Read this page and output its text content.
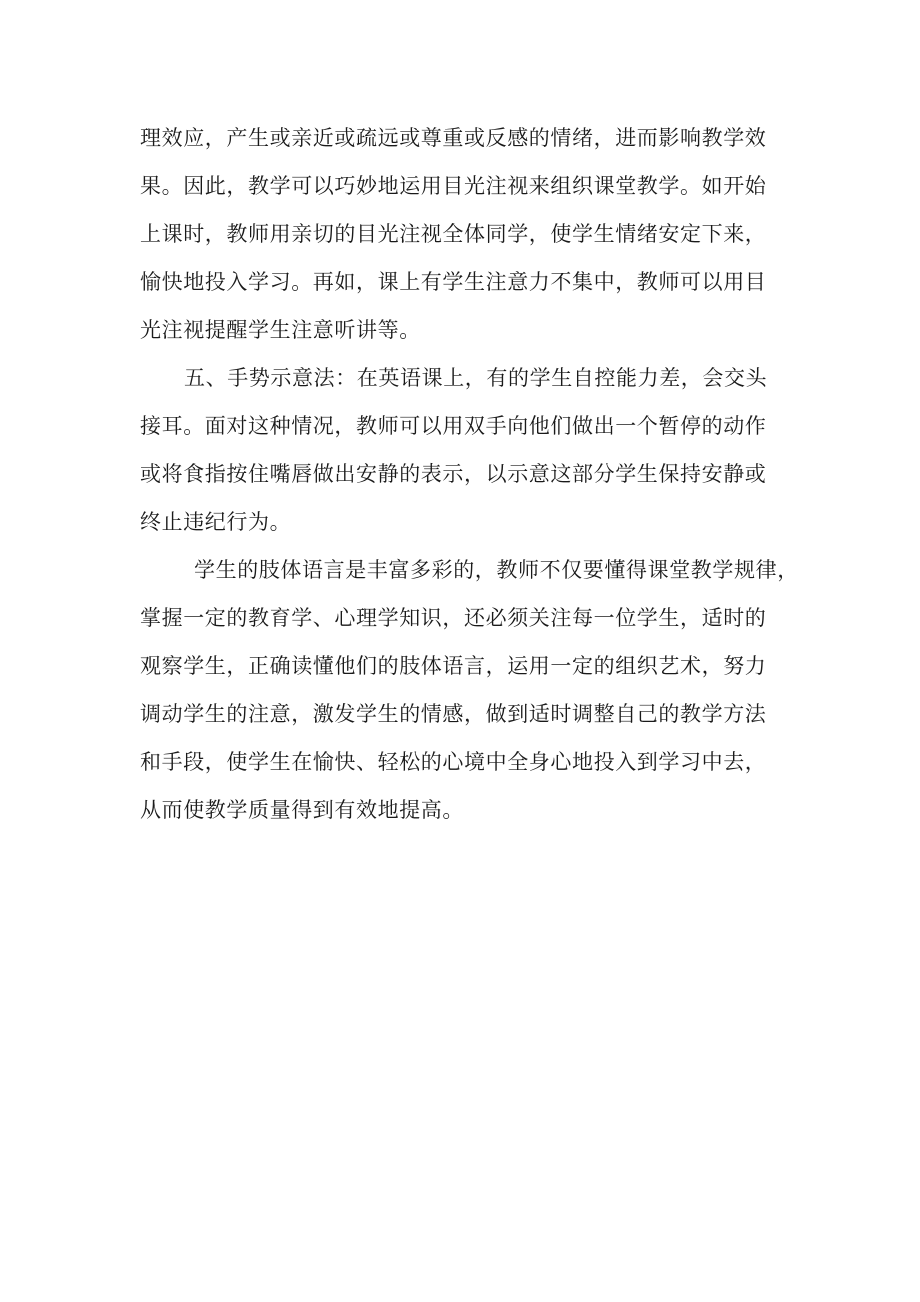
理效应，产生或亲近或疏远或尊重或反感的情绪，进而影响教学效
果。因此，教学可以巧妙地运用目光注视来组织课堂教学。如开始
上课时，教师用亲切的目光注视全体同学，使学生情绪安定下来，
愉快地投入学习。再如，课上有学生注意力不集中，教师可以用目
光注视提醒学生注意听讲等。
五、手势示意法：在英语课上，有的学生自控能力差，会交头
接耳。面对这种情况，教师可以用双手向他们做出一个暂停的动作
或将食指按住嘴唇做出安静的表示，以示意这部分学生保持安静或
终止违纪行为。
学生的肢体语言是丰富多彩的，教师不仅要懂得课堂教学规律，
掌握一定的教育学、心理学知识，还必须关注每一位学生，适时的
观察学生，正确读懂他们的肢体语言，运用一定的组织艺术，努力
调动学生的注意，激发学生的情感，做到适时调整自己的教学方法
和手段，使学生在愉快、轻松的心境中全身心地投入到学习中去，
从而使教学质量得到有效地提高。
